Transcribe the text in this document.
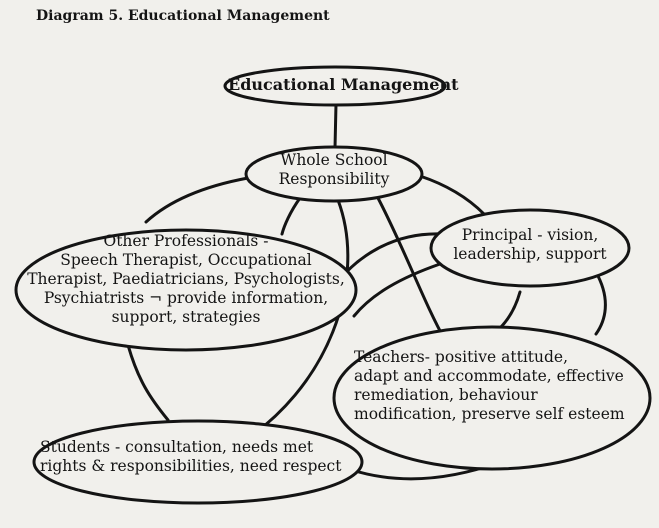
Diagram 5. Educational Management
Educational Management
Whole School
Responsibility
Other Professionals -
Speech Therapist, Occupational
Therapist, Paediatricians, Psychologists,
Psychiatrists ¬ provide information,
support, strategies
Principal - vision,
leadership, support
Teachers- positive attitude,
adapt and accommodate, effective
remediation, behaviour
modification, preserve self esteem
Students - consultation, needs met
rights & responsibilities, need respect
